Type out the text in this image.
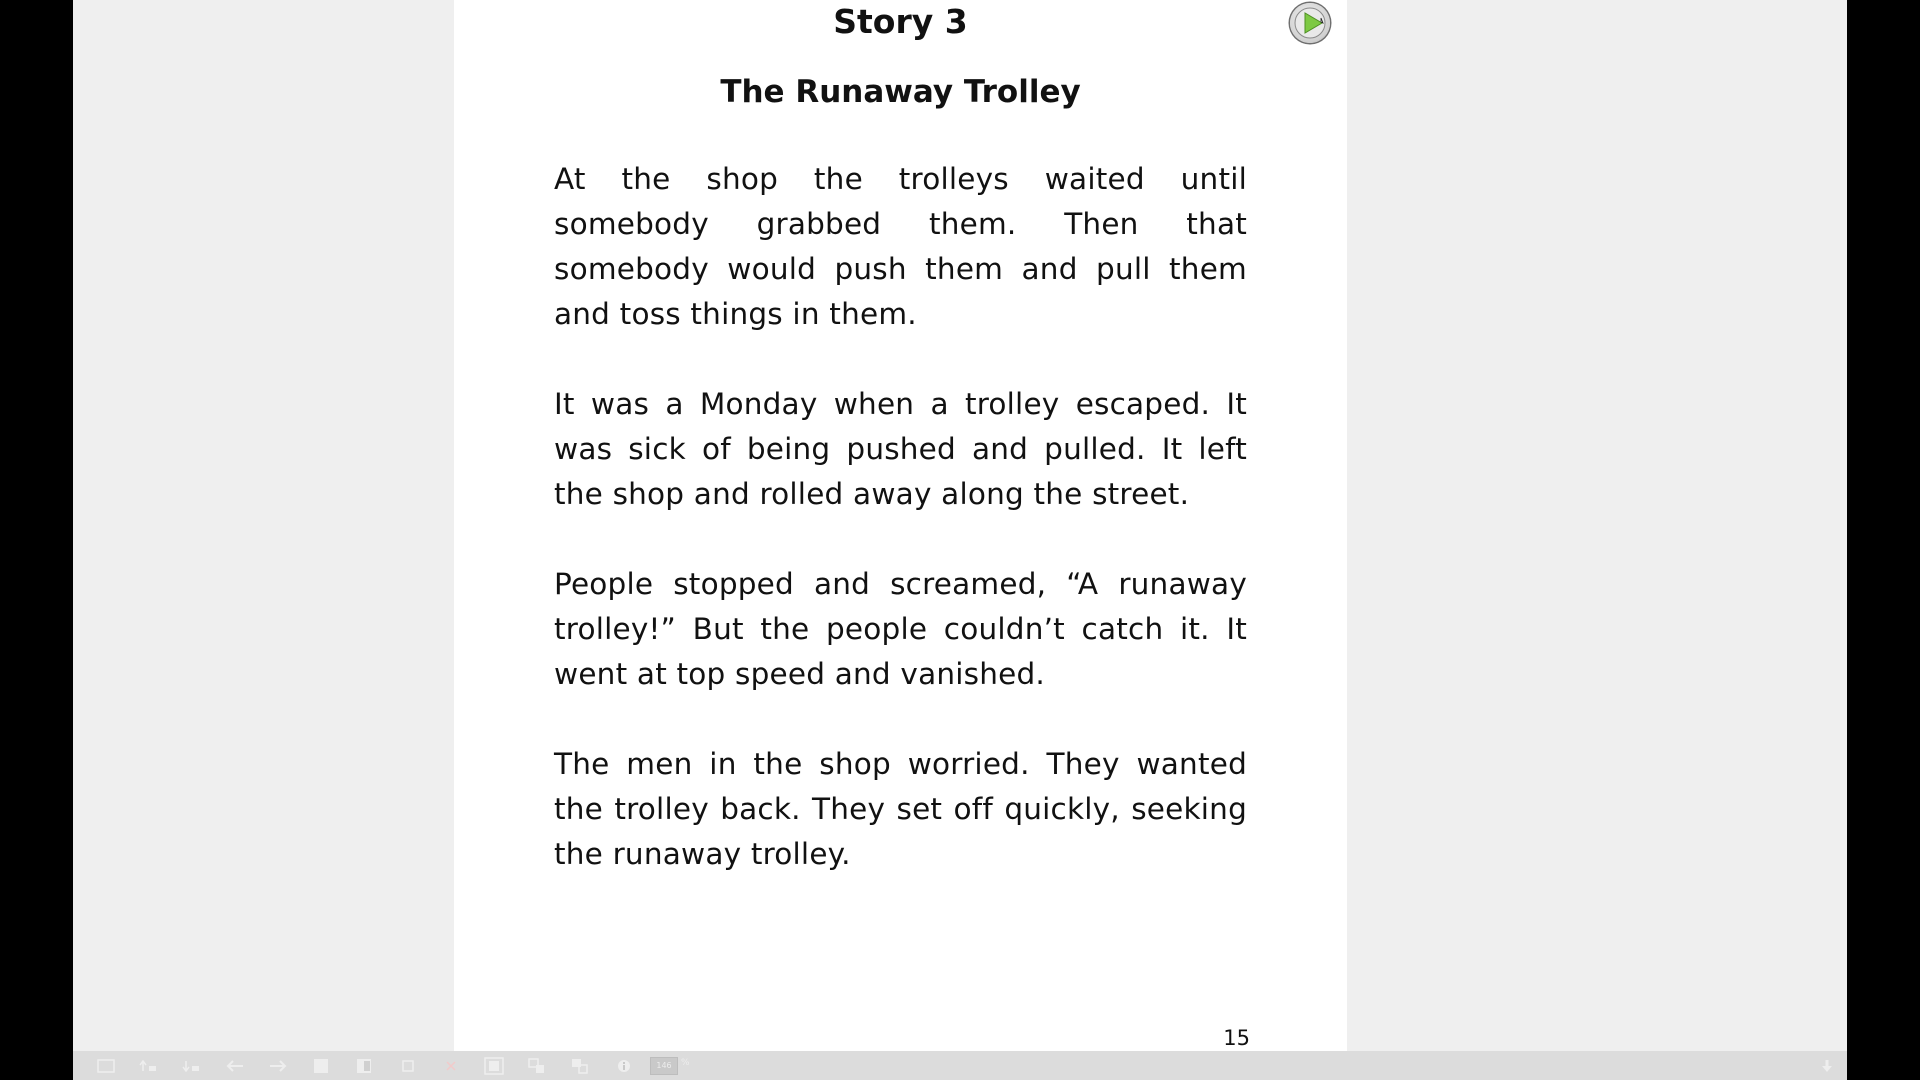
Story 3
The Runaway Trolley

At the shop the trolleys waited until somebody grabbed them. Then that somebody would push them and pull them and toss things in them.

It was a Monday when a trolley escaped. It was sick of being pushed and pulled. It left the shop and rolled away along the street.

People stopped and screamed, “A runaway trolley!” But the people couldn’t catch it. It went at top speed and vanished.

The men in the shop worried. They wanted the trolley back. They set off quickly, seeking the runaway trolley.

15
146	%
